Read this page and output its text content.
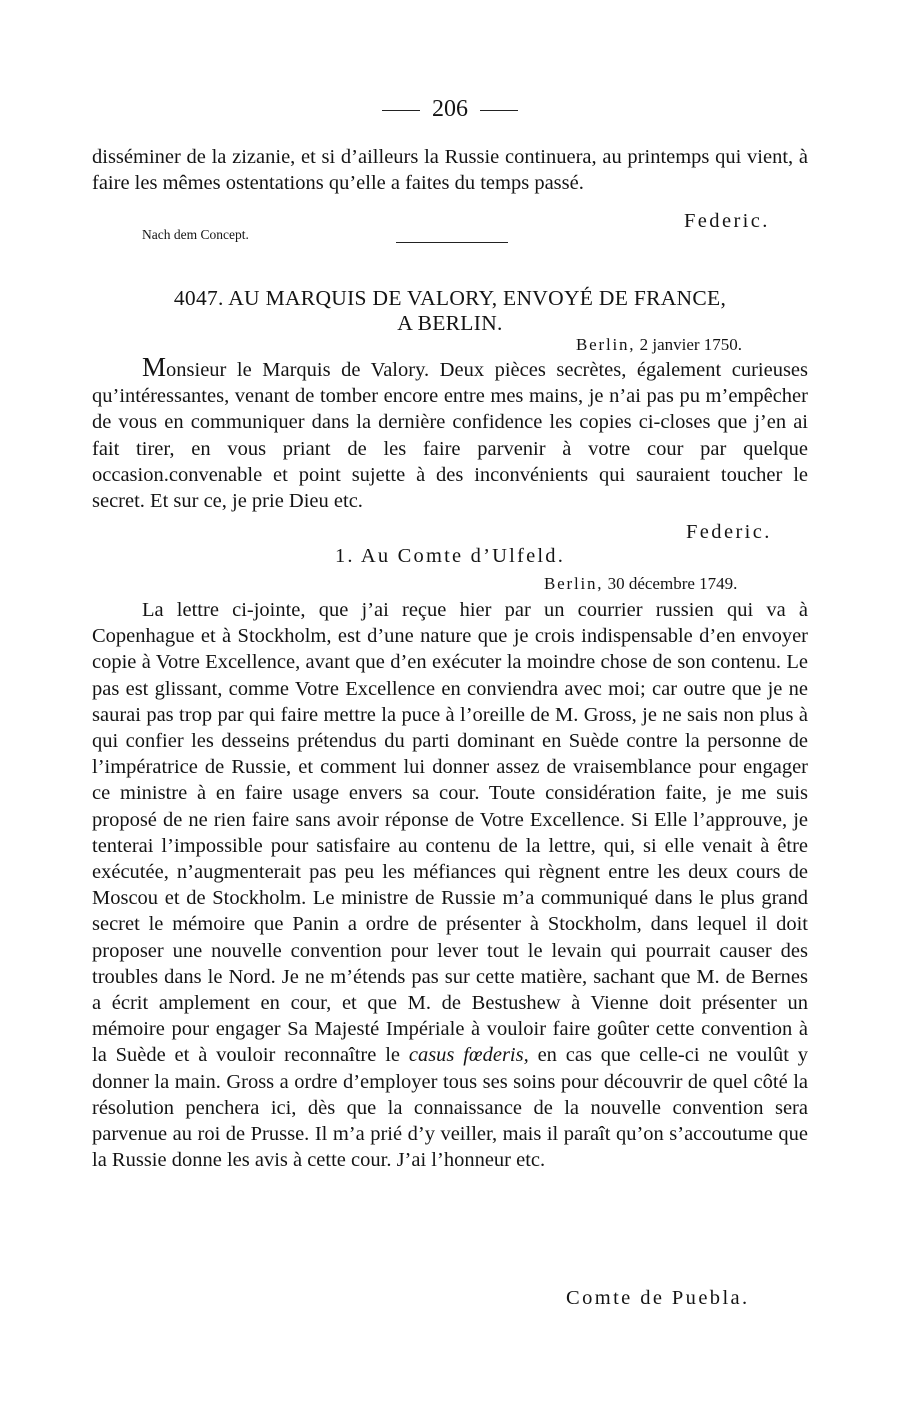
206

disséminer de la zizanie, et si d’ailleurs la Russie continuera, au printemps qui vient, à faire les mêmes ostentations qu’elle a faites du temps passé.

Federic.
Nach dem Concept.
4047. AU MARQUIS DE VALORY, ENVOYÉ DE FRANCE,
A BERLIN.
Berlin, 2 janvier 1750.

Monsieur le Marquis de Valory. Deux pièces secrètes, également curieuses qu’intéressantes, venant de tomber encore entre mes mains, je n’ai pas pu m’empêcher de vous en communiquer dans la dernière confidence les copies ci-closes que j’en ai fait tirer, en vous priant de les faire parvenir à votre cour par quelque occasion.convenable et point sujette à des inconvénients qui sauraient toucher le secret. Et sur ce, je prie Dieu etc.

Federic.
1. Au Comte d’Ulfeld.
Berlin, 30 décembre 1749.

La lettre ci-jointe, que j’ai reçue hier par un courrier russien qui va à Copenhague et à Stockholm, est d’une nature que je crois indispensable d’en envoyer copie à Votre Excellence, avant que d’en exécuter la moindre chose de son contenu. Le pas est glissant, comme Votre Excellence en conviendra avec moi; car outre que je ne saurai pas trop par qui faire mettre la puce à l’oreille de M. Gross, je ne sais non plus à qui confier les desseins prétendus du parti dominant en Suède contre la personne de l’impératrice de Russie, et comment lui donner assez de vraisemblance pour engager ce ministre à en faire usage envers sa cour. Toute considération faite, je me suis proposé de ne rien faire sans avoir réponse de Votre Excellence. Si Elle l’approuve, je tenterai l’impossible pour satisfaire au contenu de la lettre, qui, si elle venait à être exécutée, n’augmenterait pas peu les méfiances qui règnent entre les deux cours de Moscou et de Stockholm. Le ministre de Russie m’a communiqué dans le plus grand secret le mémoire que Panin a ordre de présenter à Stockholm, dans lequel il doit proposer une nouvelle convention pour lever tout le levain qui pourrait causer des troubles dans le Nord. Je ne m’étends pas sur cette matière, sachant que M. de Bernes a écrit amplement en cour, et que M. de Bestushew à Vienne doit présenter un mémoire pour engager Sa Majesté Impériale à vouloir faire goûter cette convention à la Suède et à vouloir reconnaître le casus fœderis, en cas que celle-ci ne voulût y donner la main. Gross a ordre d’employer tous ses soins pour découvrir de quel côté la résolution penchera ici, dès que la connaissance de la nouvelle convention sera parvenue au roi de Prusse. Il m’a prié d’y veiller, mais il paraît qu’on s’accoutume que la Russie donne les avis à cette cour. J’ai l’honneur etc.

Comte de Puebla.
